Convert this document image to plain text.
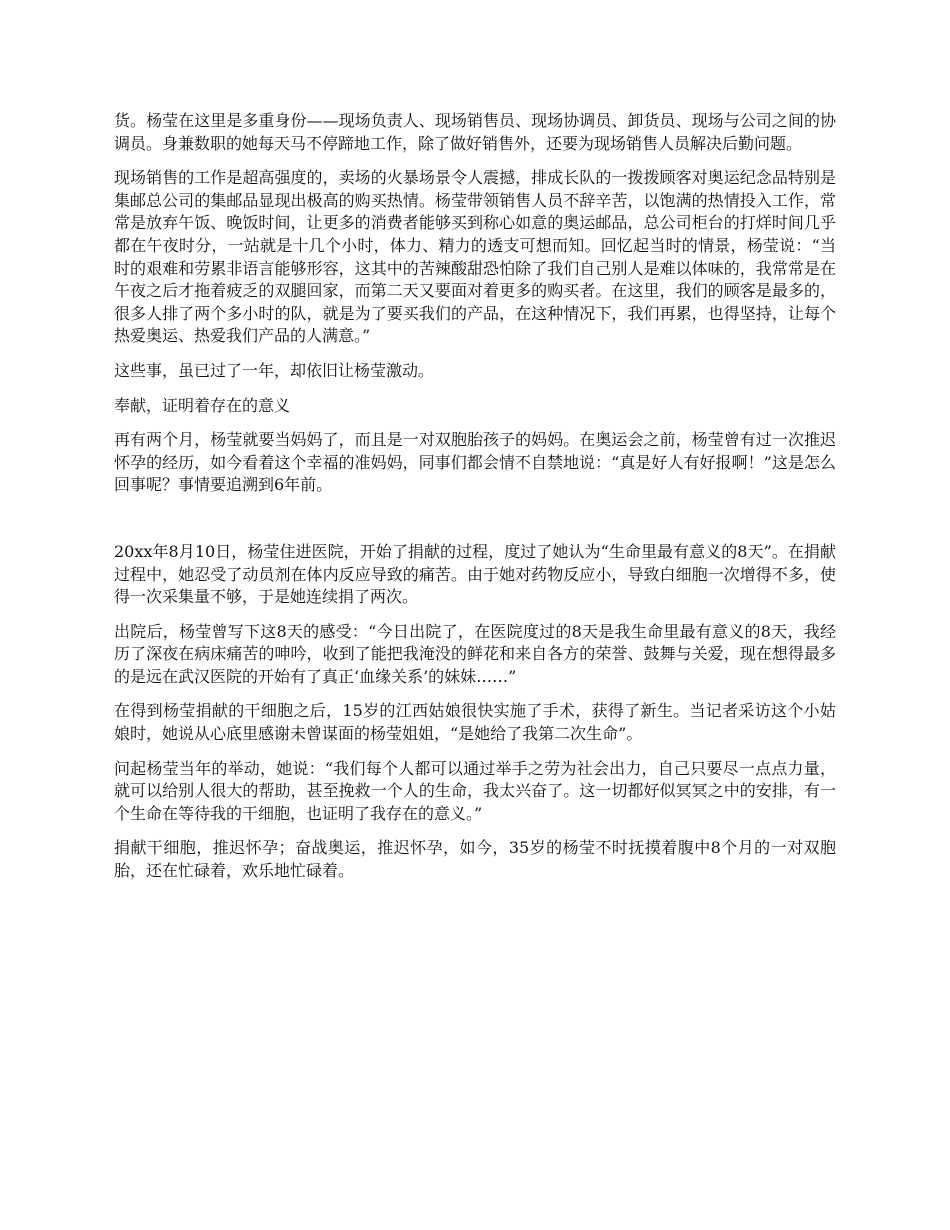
货。杨莹在这里是多重身份——现场负责人、现场销售员、现场协调员、卸货员、现场与公司之间的协调员。身兼数职的她每天马不停蹄地工作，除了做好销售外，还要为现场销售人员解决后勤问题。

现场销售的工作是超高强度的，卖场的火暴场景令人震撼，排成长队的一拨拨顾客对奥运纪念品特别是集邮总公司的集邮品显现出极高的购买热情。杨莹带领销售人员不辞辛苦，以饱满的热情投入工作，常常是放弃午饭、晚饭时间，让更多的消费者能够买到称心如意的奥运邮品，总公司柜台的打烊时间几乎都在午夜时分，一站就是十几个小时，体力、精力的透支可想而知。回忆起当时的情景，杨莹说：“当时的艰难和劳累非语言能够形容，这其中的苦辣酸甜恐怕除了我们自己别人是难以体味的，我常常是在午夜之后才拖着疲乏的双腿回家，而第二天又要面对着更多的购买者。在这里，我们的顾客是最多的，很多人排了两个多小时的队，就是为了要买我们的产品，在这种情况下，我们再累，也得坚持，让每个热爱奥运、热爱我们产品的人满意。”

这些事，虽已过了一年，却依旧让杨莹激动。

奉献，证明着存在的意义

再有两个月，杨莹就要当妈妈了，而且是一对双胞胎孩子的妈妈。在奥运会之前，杨莹曾有过一次推迟怀孕的经历，如今看着这个幸福的准妈妈，同事们都会情不自禁地说：“真是好人有好报啊！”这是怎么回事呢？事情要追溯到6年前。

20xx年8月10日，杨莹住进医院，开始了捐献的过程，度过了她认为“生命里最有意义的8天”。在捐献过程中，她忍受了动员剂在体内反应导致的痛苦。由于她对药物反应小，导致白细胞一次增得不多，使得一次采集量不够，于是她连续捐了两次。

出院后，杨莹曾写下这8天的感受：“今日出院了，在医院度过的8天是我生命里最有意义的8天，我经历了深夜在病床痛苦的呻吟，收到了能把我淹没的鲜花和来自各方的荣誉、鼓舞与关爱，现在想得最多的是远在武汉医院的开始有了真正‘血缘关系’的妹妹……”

在得到杨莹捐献的干细胞之后，15岁的江西姑娘很快实施了手术，获得了新生。当记者采访这个小姑娘时，她说从心底里感谢未曾谋面的杨莹姐姐，“是她给了我第二次生命”。

问起杨莹当年的举动，她说：“我们每个人都可以通过举手之劳为社会出力，自己只要尽一点点力量，就可以给别人很大的帮助，甚至挽救一个人的生命，我太兴奋了。这一切都好似冥冥之中的安排，有一个生命在等待我的干细胞，也证明了我存在的意义。”

捐献干细胞，推迟怀孕；奋战奥运，推迟怀孕，如今，35岁的杨莹不时抚摸着腹中8个月的一对双胞胎，还在忙碌着，欢乐地忙碌着。
